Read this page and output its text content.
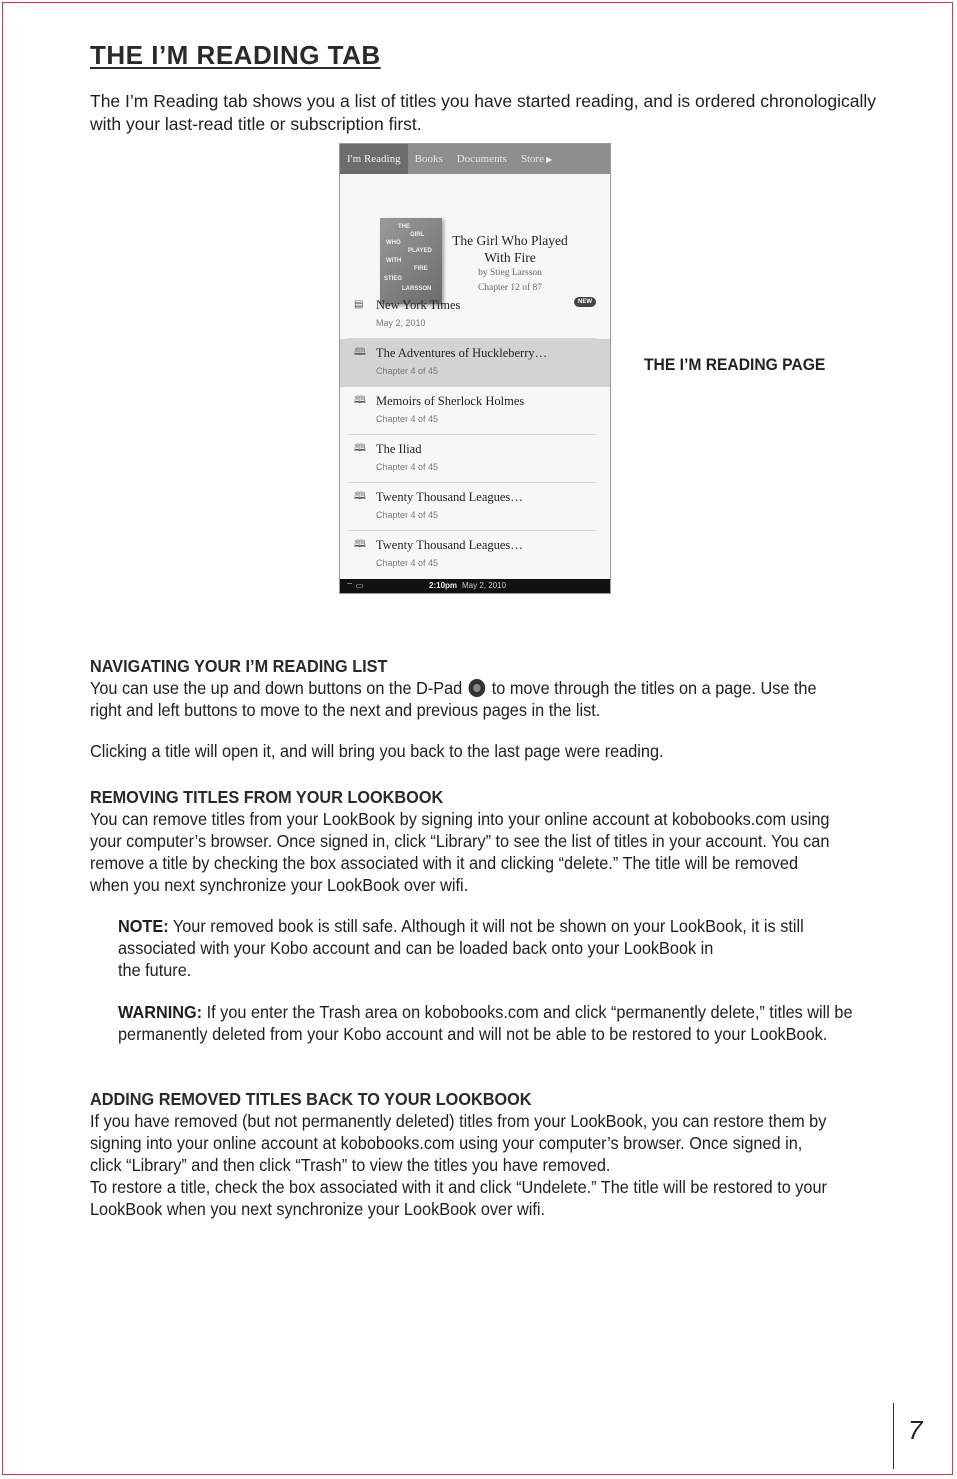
THE I’M READING TAB

The I’m Reading tab shows you a list of titles you have started reading, and is ordered chronologically with your last-read title or subscription first.

I'm Reading	Books	Documents	Store ▶
THE
GIRL
WHO
PLAYED
WITH
FIRE
STIEG
LARSSON
The Girl Who Played With Fire
by Stieg Larsson
Chapter 12 of 87
▤ New York Times
May 2, 2010
NEW
🕮 The Adventures of Huckleberry…
Chapter 4 of 45
🕮 Memoirs of Sherlock Holmes
Chapter 4 of 45
🕮 The Iliad
Chapter 4 of 45
🕮 Twenty Thousand Leagues…
Chapter 4 of 45
🕮 Twenty Thousand Leagues…
Chapter 4 of 45
⌔ ▭	2:10pm May 2, 2010

THE I’M READING PAGE

NAVIGATING YOUR I’M READING LIST
You can use the up and down buttons on the D-Pad to move through the titles on a page. Use the right and left buttons to move to the next and previous pages in the list.

Clicking a title will open it, and will bring you back to the last page were reading.

REMOVING TITLES FROM YOUR LOOKBOOK
You can remove titles from your LookBook by signing into your online account at kobobooks.com using your computer’s browser. Once signed in, click “Library” to see the list of titles in your account. You can remove a title by checking the box associated with it and clicking “delete.” The title will be removed when you next synchronize your LookBook over wifi.

NOTE: Your removed book is still safe. Although it will not be shown on your LookBook, it is still
associated with your Kobo account and can be loaded back onto your LookBook in
the future.

WARNING: If you enter the Trash area on kobobooks.com and click “permanently delete,” titles will be permanently deleted from your Kobo account and will not be able to be restored to your LookBook.

ADDING REMOVED TITLES BACK TO YOUR LOOKBOOK
If you have removed (but not permanently deleted) titles from your LookBook, you can restore them by signing into your online account at kobobooks.com using your computer’s browser. Once signed in, click “Library” and then click “Trash” to view the titles you have removed.
To restore a title, check the box associated with it and click “Undelete.” The title will be restored to your LookBook when you next synchronize your LookBook over wifi.

7
